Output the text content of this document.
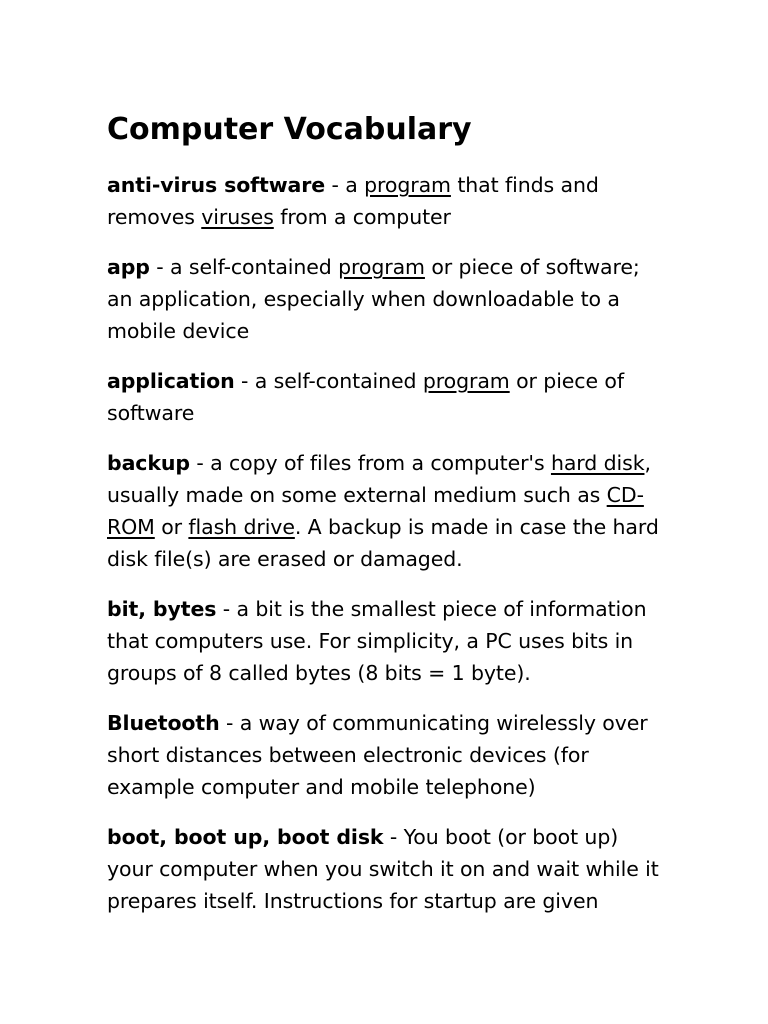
Computer Vocabulary

anti-virus software - a program that finds and removes viruses from a computer

app - a self-contained program or piece of software; an application, especially when downloadable to a mobile device

application - a self-contained program or piece of software

backup - a copy of files from a computer's hard disk, usually made on some external medium such as CD-ROM or flash drive. A backup is made in case the hard disk file(s) are erased or damaged.

bit, bytes - a bit is the smallest piece of information that computers use. For simplicity, a PC uses bits in groups of 8 called bytes (8 bits = 1 byte).

Bluetooth - a way of communicating wirelessly over short distances between electronic devices (for example computer and mobile telephone)

boot, boot up, boot disk - You boot (or boot up) your computer when you switch it on and wait while it prepares itself. Instructions for startup are given
